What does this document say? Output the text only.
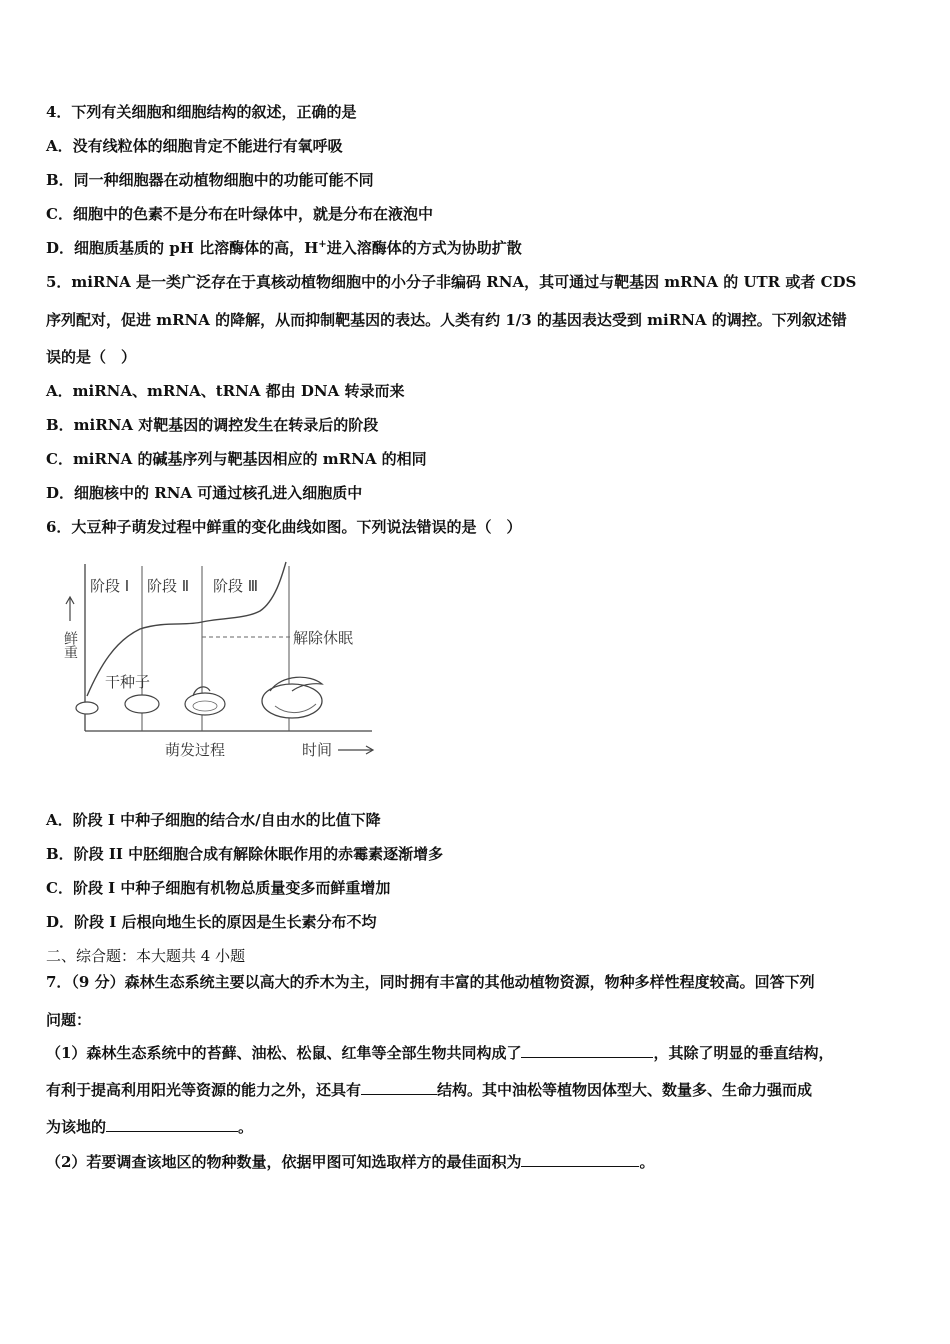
4．下列有关细胞和细胞结构的叙述，正确的是
A．没有线粒体的细胞肯定不能进行有氧呼吸
B．同一种细胞器在动植物细胞中的功能可能不同
C．细胞中的色素不是分布在叶绿体中，就是分布在液泡中
D．细胞质基质的 pH 比溶酶体的高，H+进入溶酶体的方式为协助扩散
5．miRNA 是一类广泛存在于真核动植物细胞中的小分子非编码 RNA，其可通过与靶基因 mRNA 的 UTR 或者 CDS
序列配对，促进 mRNA 的降解，从而抑制靶基因的表达。人类有约 1/3 的基因表达受到 miRNA 的调控。下列叙述错
误的是（　）
A．miRNA、mRNA、tRNA 都由 DNA 转录而来
B．miRNA 对靶基因的调控发生在转录后的阶段
C．miRNA 的碱基序列与靶基因相应的 mRNA 的相同
D．细胞核中的 RNA 可通过核孔进入细胞质中
6．大豆种子萌发过程中鲜重的变化曲线如图。下列说法错误的是（　）
阶段 Ⅰ 阶段 Ⅱ 阶段 Ⅲ
解除休眠
干种子
萌发过程	时间
鲜重
A．阶段 I 中种子细胞的结合水/自由水的比值下降
B．阶段 II 中胚细胞合成有解除休眠作用的赤霉素逐渐增多
C．阶段 I 中种子细胞有机物总质量变多而鲜重增加
D．阶段 I 后根向地生长的原因是生长素分布不均
二、综合题：本大题共 4 小题
7．（9 分）森林生态系统主要以高大的乔木为主，同时拥有丰富的其他动植物资源，物种多样性程度较高。回答下列
问题：
（1）森林生态系统中的苔藓、油松、松鼠、红隼等全部生物共同构成了	，其除了明显的垂直结构，
有利于提高利用阳光等资源的能力之外，还具有	结构。其中油松等植物因体型大、数量多、生命力强而成
为该地的	。
（2）若要调查该地区的物种数量，依据甲图可知选取样方的最佳面积为	。
